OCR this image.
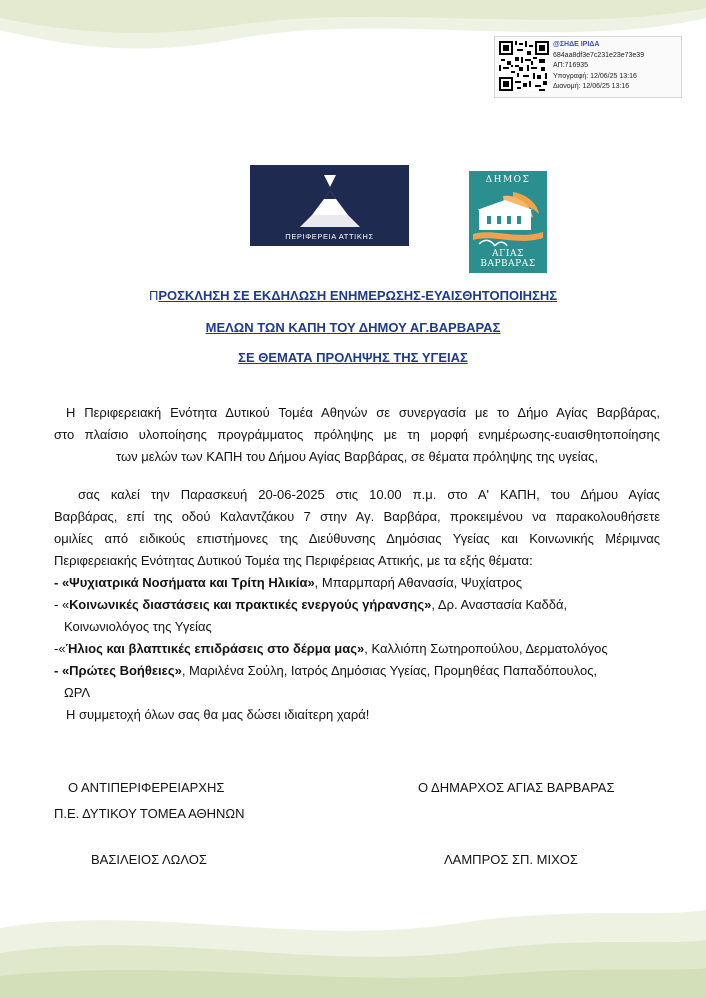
@ΣΗΔΕ ΙΡΙΔΑ
684aa8df3e7c231e23e73e39
ΑΠ:716935
Υπογραφή: 12/06/25 13:16
Διανομή: 12/06/25 13:16
ΠΕΡΙΦΕΡΕΙΑ ΑΤΤΙΚΗΣ
ΔΗΜΟΣ
ΑΓΙΑΣ
ΒΑΡΒΑΡΑΣ
ΠΡΟΣΚΛΗΣΗ ΣΕ ΕΚΔΗΛΩΣΗ ΕΝΗΜΕΡΩΣΗΣ-ΕΥΑΙΣΘΗΤΟΠΟΙΗΣΗΣ
ΜΕΛΩΝ ΤΩΝ ΚΑΠΗ ΤΟΥ ΔΗΜΟΥ ΑΓ.ΒΑΡΒΑΡΑΣ
ΣΕ ΘΕΜΑΤΑ ΠΡΟΛΗΨΗΣ ΤΗΣ ΥΓΕΙΑΣ
Η Περιφερειακή Ενότητα Δυτικού Τομέα Αθηνών σε συνεργασία με το Δήμο Αγίας Βαρβάρας,
στο πλαίσιο υλοποίησης προγράμματος πρόληψης με τη μορφή ενημέρωσης-ευαισθητοποίησης
των μελών των ΚΑΠΗ του Δήμου Αγίας Βαρβάρας, σε θέματα πρόληψης της υγείας,
σας καλεί την Παρασκευή 20-06-2025 στις 10.00 π.μ. στο Α' ΚΑΠΗ, του Δήμου Αγίας
Βαρβάρας, επί της οδού Καλαντζάκου 7 στην Αγ. Βαρβάρα, προκειμένου να παρακολουθήσετε
ομιλίες από ειδικούς επιστήμονες της Διεύθυνσης Δημόσιας Υγείας και Κοινωνικής Μέριμνας
Περιφερειακής Ενότητας Δυτικού Τομέα της Περιφέρειας Αττικής, με τα εξής θέματα:
- «Ψυχιατρικά Νοσήματα και Τρίτη Ηλικία», Μπαρμπαρή Αθανασία, Ψυχίατρος
- «Κοινωνικές διαστάσεις και πρακτικές ενεργούς γήρανσης», Δρ. Αναστασία Καδδά,
Κοινωνιολόγος της Υγείας
-«Ήλιος και βλαπτικές επιδράσεις στο δέρμα μας», Καλλιόπη Σωτηροπούλου, Δερματολόγος
- «Πρώτες Βοήθειες», Μαριλένα Σούλη, Ιατρός Δημόσιας Υγείας, Προμηθέας Παπαδόπουλος,
ΩΡΛ
Η συμμετοχή όλων σας θα μας δώσει ιδιαίτερη χαρά!
Ο ΑΝΤΙΠΕΡΙΦΕΡΕΙΑΡΧΗΣ
Π.Ε. ΔΥΤΙΚΟΥ ΤΟΜΕΑ ΑΘΗΝΩΝ
ΒΑΣΙΛΕΙΟΣ ΛΩΛΟΣ
Ο ΔΗΜΑΡΧΟΣ ΑΓΙΑΣ ΒΑΡΒΑΡΑΣ
ΛΑΜΠΡΟΣ ΣΠ. ΜΙΧΟΣ
